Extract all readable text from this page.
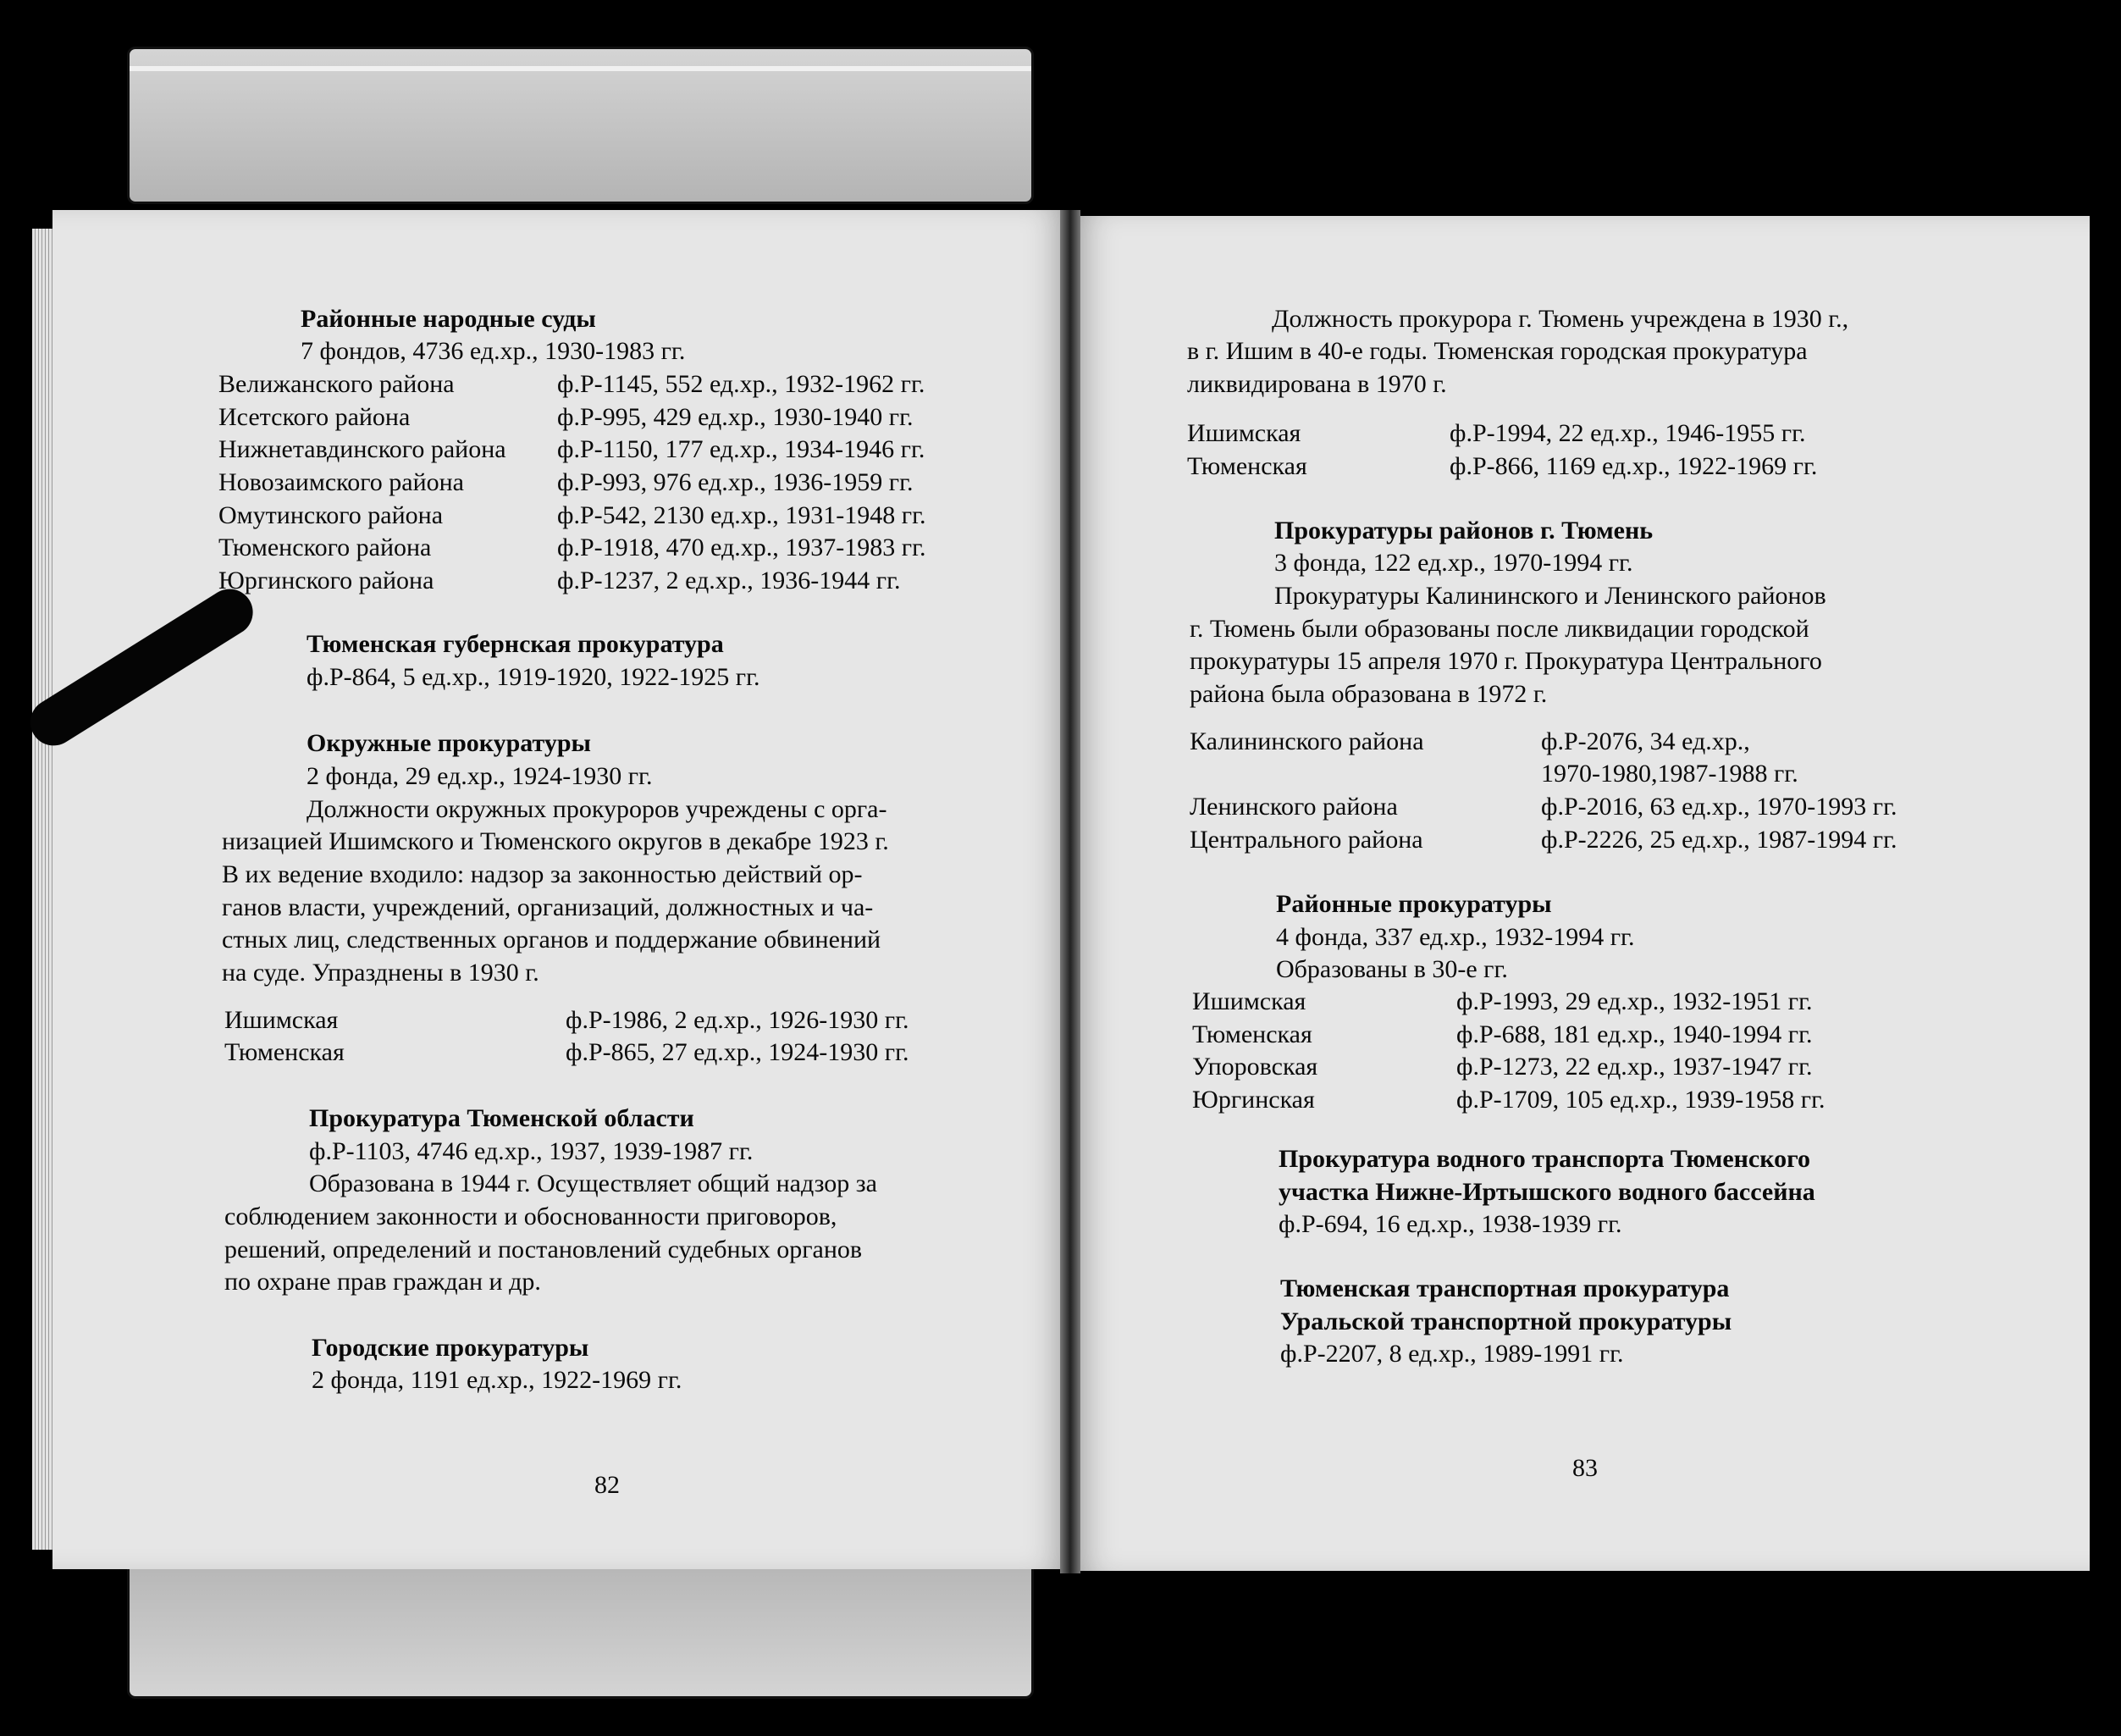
Районные народные суды
7 фондов, 4736 ед.хр., 1930-1983 гг.
Велижанского района	ф.Р-1145, 552 ед.хр., 1932-1962 гг.
Исетского района	ф.Р-995, 429 ед.хр., 1930-1940 гг.
Нижнетавдинского района ф.Р-1150, 177 ед.хр., 1934-1946 гг.
Новозаимского района	ф.Р-993, 976 ед.хр., 1936-1959 гг.
Омутинского района	ф.Р-542, 2130 ед.хр., 1931-1948 гг.
Тюменского района	ф.Р-1918, 470 ед.хр., 1937-1983 гг.
Юргинского района	ф.Р-1237, 2 ед.хр., 1936-1944 гг.
Тюменская губернская прокуратура
ф.Р-864, 5 ед.хр., 1919-1920, 1922-1925 гг.
Окружные прокуратуры
2 фонда, 29 ед.хр., 1924-1930 гг.
Должности окружных прокуроров учреждены с орга-
низацией Ишимского и Тюменского округов в декабре 1923 г.
В их ведение входило: надзор за законностью действий ор-
ганов власти, учреждений, организаций, должностных и ча-
стных лиц, следственных органов и поддержание обвинений
на суде. Упразднены в 1930 г.
Ишимская	ф.Р-1986, 2 ед.хр., 1926-1930 гг.
Тюменская	ф.Р-865, 27 ед.хр., 1924-1930 гг.
Прокуратура Тюменской области
ф.Р-1103, 4746 ед.хр., 1937, 1939-1987 гг.
Образована в 1944 г. Осуществляет общий надзор за
соблюдением законности и обоснованности приговоров,
решений, определений и постановлений судебных органов
по охране прав граждан и др.
Городские прокуратуры
2 фонда, 1191 ед.хр., 1922-1969 гг.
82
Должность прокурора г. Тюмень учреждена в 1930 г.,
в г. Ишим в 40-е годы. Тюменская городская прокуратура
ликвидирована в 1970 г.
Ишимская	ф.Р-1994, 22 ед.хр., 1946-1955 гг.
Тюменская	ф.Р-866, 1169 ед.хр., 1922-1969 гг.
Прокуратуры районов г. Тюмень
3 фонда, 122 ед.хр., 1970-1994 гг.
Прокуратуры Калининского и Ленинского районов
г. Тюмень были образованы после ликвидации городской
прокуратуры 15 апреля 1970 г. Прокуратура Центрального
района была образована в 1972 г.
Калининского района	ф.Р-2076, 34 ед.хр.,
1970-1980,1987-1988 гг.
Ленинского района	ф.Р-2016, 63 ед.хр., 1970-1993 гг.
Центрального района	ф.Р-2226, 25 ед.хр., 1987-1994 гг.
Районные прокуратуры
4 фонда, 337 ед.хр., 1932-1994 гг.
Образованы в 30-е гг.
Ишимская	ф.Р-1993, 29 ед.хр., 1932-1951 гг.
Тюменская	ф.Р-688, 181 ед.хр., 1940-1994 гг.
Упоровская	ф.Р-1273, 22 ед.хр., 1937-1947 гг.
Юргинская	ф.Р-1709, 105 ед.хр., 1939-1958 гг.
Прокуратура водного транспорта Тюменского
участка Нижне-Иртышского водного бассейна
ф.Р-694, 16 ед.хр., 1938-1939 гг.
Тюменская транспортная прокуратура
Уральской транспортной прокуратуры
ф.Р-2207, 8 ед.хр., 1989-1991 гг.
83
